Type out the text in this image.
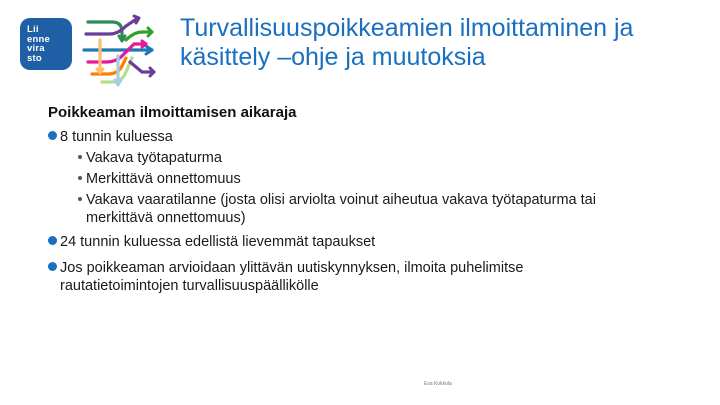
Lii
enne
vira
sto
Turvallisuuspoikkeamien ilmoittaminen ja
käsittely –ohje ja muutoksia
Poikkeaman ilmoittamisen aikaraja
8 tunnin kuluessa
Vakava työtapaturma
Merkittävä onnettomuus
Vakava vaaratilanne (josta olisi arviolta voinut aiheutua vakava työtapaturma tai
merkittävä onnettomuus)
24 tunnin kuluessa edellistä lievemmät tapaukset
Jos poikkeaman arvioidaan ylittävän uutiskynnyksen, ilmoita puhelimitse
rautatietoimintojen turvallisuuspäällikölle
Esa Kokkola
